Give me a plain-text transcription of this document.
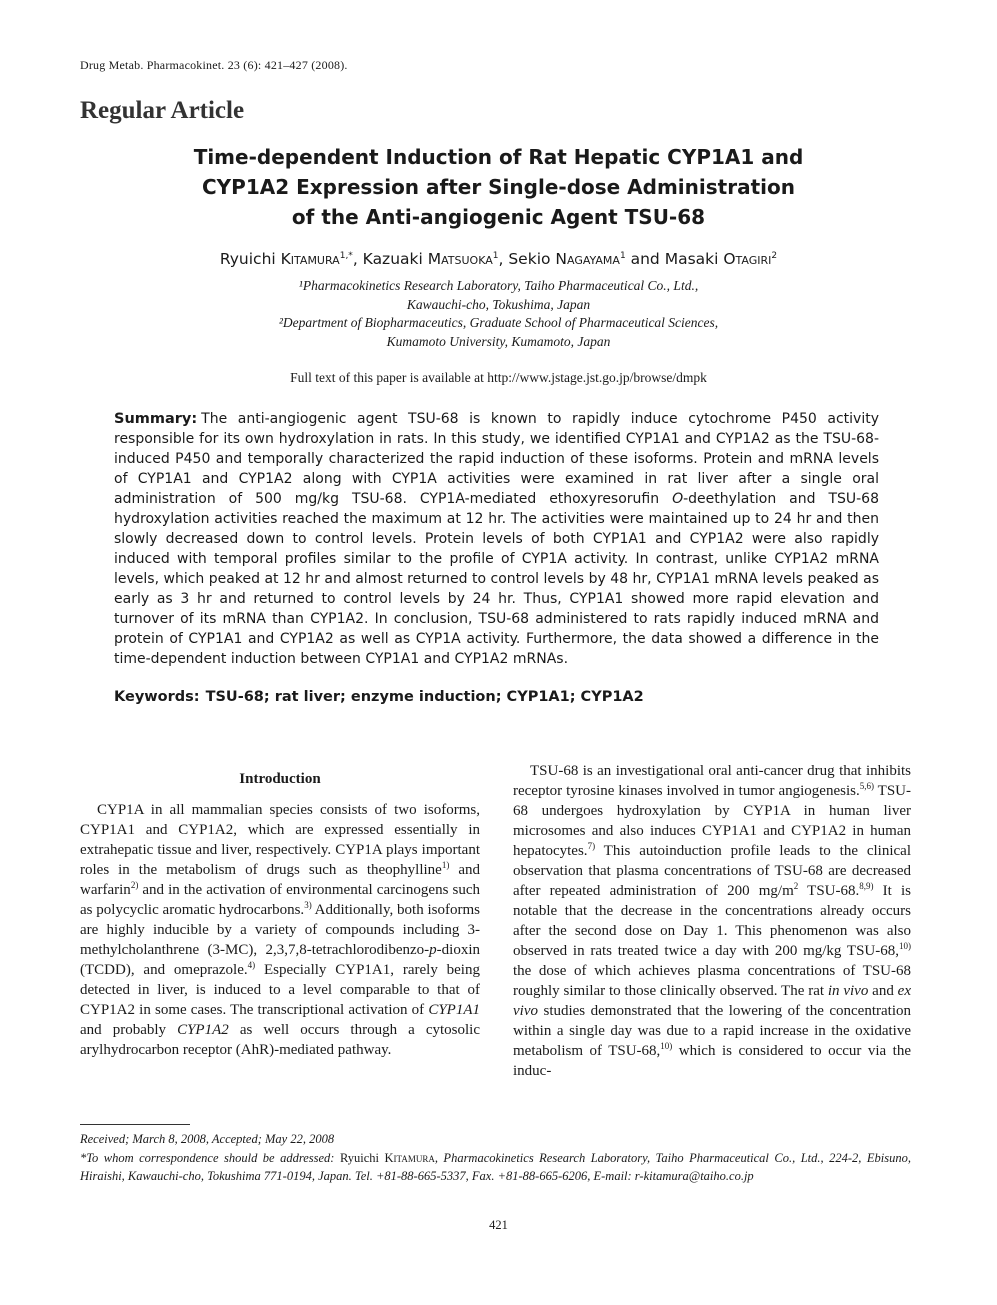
Drug Metab. Pharmacokinet. 23 (6): 421–427 (2008).
Regular Article
Time-dependent Induction of Rat Hepatic CYP1A1 and
CYP1A2 Expression after Single-dose Administration
of the Anti-angiogenic Agent TSU-68
Ryuichi Kitamura$^{1,*}$, Kazuaki Matsuoka$^1$, Sekio Nagayama$^1$ and Masaki Otagiri$^2$
¹Pharmacokinetics Research Laboratory, Taiho Pharmaceutical Co., Ltd.,
Kawauchi-cho, Tokushima, Japan
²Department of Biopharmaceutics, Graduate School of Pharmaceutical Sciences,
Kumamoto University, Kumamoto, Japan
Full text of this paper is available at http://www.jstage.jst.go.jp/browse/dmpk
Summary: The anti-angiogenic agent TSU-68 is known to rapidly induce cytochrome P450 activity responsible for its own hydroxylation in rats. In this study, we identified CYP1A1 and CYP1A2 as the TSU-68-induced P450 and temporally characterized the rapid induction of these isoforms. Protein and mRNA levels of CYP1A1 and CYP1A2 along with CYP1A activities were examined in rat liver after a single oral administration of 500 mg/kg TSU-68. CYP1A-mediated ethoxyresorufin O-deethylation and TSU-68 hydroxylation activities reached the maximum at 12 hr. The activities were maintained up to 24 hr and then slowly decreased down to control levels. Protein levels of both CYP1A1 and CYP1A2 were also rapidly induced with temporal profiles similar to the profile of CYP1A activity. In contrast, unlike CYP1A2 mRNA levels, which peaked at 12 hr and almost returned to control levels by 48 hr, CYP1A1 mRNA levels peaked as early as 3 hr and returned to control levels by 24 hr. Thus, CYP1A1 showed more rapid elevation and turnover of its mRNA than CYP1A2. In conclusion, TSU-68 administered to rats rapidly induced mRNA and protein of CYP1A1 and CYP1A2 as well as CYP1A activity. Furthermore, the data showed a difference in the time-dependent induction between CYP1A1 and CYP1A2 mRNAs.
Keywords: TSU-68; rat liver; enzyme induction; CYP1A1; CYP1A2
Introduction

CYP1A in all mammalian species consists of two isoforms, CYP1A1 and CYP1A2, which are expressed essentially in extrahepatic tissue and liver, respectively. CYP1A plays important roles in the metabolism of drugs such as theophylline$^{1)}$ and warfarin$^{2)}$ and in the activation of environmental carcinogens such as polycyclic aromatic hydrocarbons.$^{3)}$ Additionally, both isoforms are highly inducible by a variety of compounds including 3-methylcholanthrene (3-MC), 2,3,7,8-tetrachlorodibenzo-p-dioxin (TCDD), and omeprazole.$^{4)}$ Especially CYP1A1, rarely being detected in liver, is induced to a level comparable to that of CYP1A2 in some cases. The transcriptional activation of CYP1A1 and probably CYP1A2 as well occurs through a cytosolic arylhydrocarbon receptor (AhR)-mediated pathway.

TSU-68 is an investigational oral anti-cancer drug that inhibits receptor tyrosine kinases involved in tumor angiogenesis.$^{5,6)}$ TSU-68 undergoes hydroxylation by CYP1A in human liver microsomes and also induces CYP1A1 and CYP1A2 in human hepatocytes.$^{7)}$ This autoinduction profile leads to the clinical observation that plasma concentrations of TSU-68 are decreased after repeated administration of 200 $mg/m^2$ TSU-68.$^{8,9)}$ It is notable that the decrease in the concentrations already occurs after the second dose on Day 1. This phenomenon was also observed in rats treated twice a day with 200 mg/kg TSU-68,$^{10)}$ the dose of which achieves plasma concentrations of TSU-68 roughly similar to those clinically observed. The rat in vivo and ex vivo studies demonstrated that the lowering of the concentration within a single day was due to a rapid increase in the oxidative metabolism of TSU-68,$^{10)}$ which is considered to occur via the induc-

Received; March 8, 2008, Accepted; May 22, 2008

*To whom correspondence should be addressed: Ryuichi Kitamura, Pharmacokinetics Research Laboratory, Taiho Pharmaceutical Co., Ltd., 224-2, Ebisuno, Hiraishi, Kawauchi-cho, Tokushima 771-0194, Japan. Tel. +81-88-665-5337, Fax. +81-88-665-6206, E-mail: r-kitamura@taiho.co.jp

421
